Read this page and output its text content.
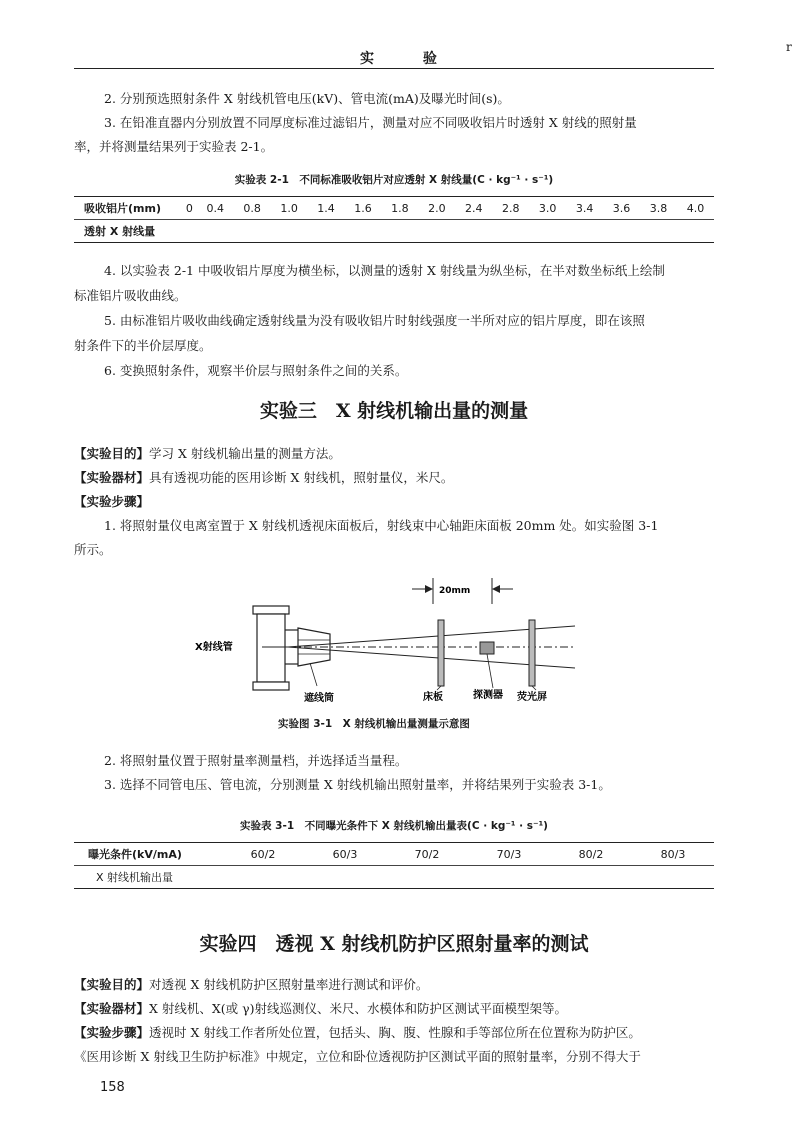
实 验
r
2. 分别预选照射条件 X 射线机管电压(kV)、管电流(mA)及曝光时间(s)。
3. 在铅准直器内分别放置不同厚度标准过滤铝片，测量对应不同吸收铝片时透射 X 射线的照射量
率，并将测量结果列于实验表 2-1。
实验表 2-1　不同标准吸收铝片对应透射 X 射线量(C · kg⁻¹ · s⁻¹)
吸收铝片(mm)	0	0.4	0.8	1.0	1.4	1.6	1.8	2.0	2.4	2.8	3.0	3.4	3.6	3.8	4.0
透射 X 射线量															
4. 以实验表 2-1 中吸收铝片厚度为横坐标，以测量的透射 X 射线量为纵坐标，在半对数坐标纸上绘制
标准铝片吸收曲线。
5. 由标准铝片吸收曲线确定透射线量为没有吸收铝片时射线强度一半所对应的铝片厚度，即在该照
射条件下的半价层厚度。
6. 变换照射条件，观察半价层与照射条件之间的关系。
实验三　X 射线机输出量的测量
【实验目的】学习 X 射线机输出量的测量方法。
【实验器材】具有透视功能的医用诊断 X 射线机，照射量仪，米尺。
【实验步骤】
1. 将照射量仪电离室置于 X 射线机透视床面板后，射线束中心轴距床面板 20mm 处。如实验图 3-1
所示。
20mm
X射线管
遮线筒	床板	探测器 荧光屏
实验图 3-1　X 射线机输出量测量示意图
2. 将照射量仪置于照射量率测量档，并选择适当量程。
3. 选择不同管电压、管电流，分别测量 X 射线机输出照射量率，并将结果列于实验表 3-1。
实验表 3-1　不同曝光条件下 X 射线机输出量表(C · kg⁻¹ · s⁻¹)
曝光条件(kV/mA)	60/2	60/3	70/2	70/3	80/2	80/3
X 射线机输出量						
实验四　透视 X 射线机防护区照射量率的测试
【实验目的】对透视 X 射线机防护区照射量率进行测试和评价。
【实验器材】X 射线机、X(或 γ)射线巡测仪、米尺、水模体和防护区测试平面模型架等。
【实验步骤】透视时 X 射线工作者所处位置，包括头、胸、腹、性腺和手等部位所在位置称为防护区。
《医用诊断 X 射线卫生防护标准》中规定，立位和卧位透视防护区测试平面的照射量率，分别不得大于
158
